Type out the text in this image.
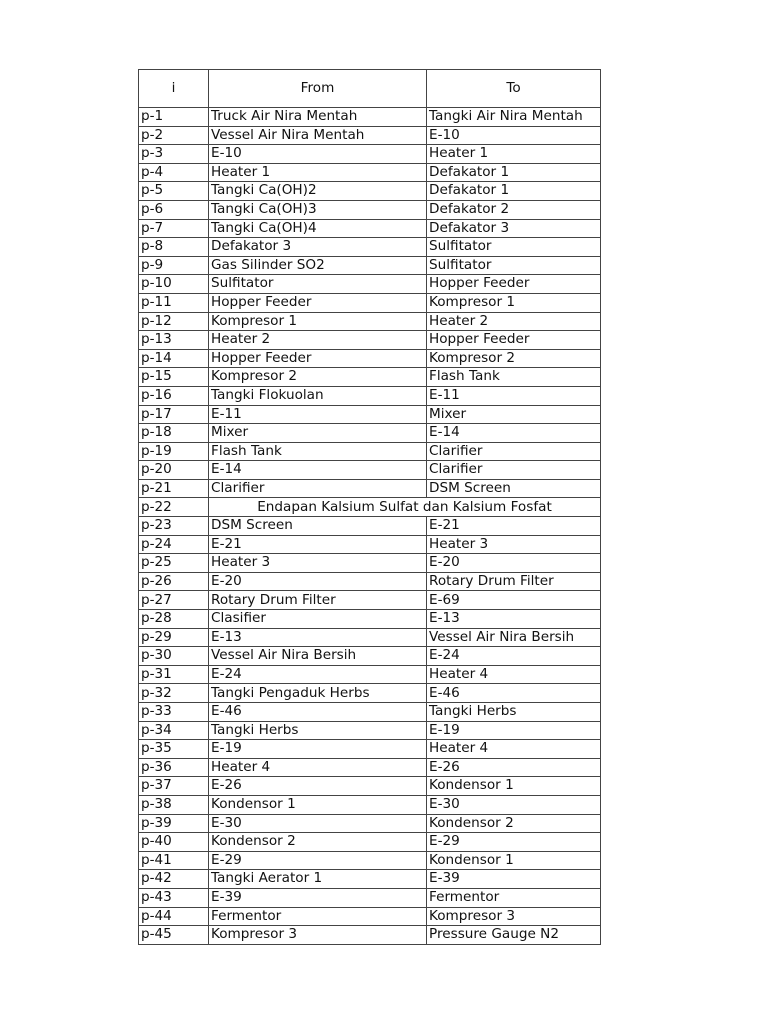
i	From	To
p-1	Truck Air Nira Mentah	Tangki Air Nira Mentah
p-2	Vessel Air Nira Mentah	E-10
p-3	E-10	Heater 1
p-4	Heater 1	Defakator 1
p-5	Tangki Ca(OH)2	Defakator 1
p-6	Tangki Ca(OH)3	Defakator 2
p-7	Tangki Ca(OH)4	Defakator 3
p-8	Defakator 3	Sulfitator
p-9	Gas Silinder SO2	Sulfitator
p-10	Sulfitator	Hopper Feeder
p-11	Hopper Feeder	Kompresor 1
p-12	Kompresor 1	Heater 2
p-13	Heater 2	Hopper Feeder
p-14	Hopper Feeder	Kompresor 2
p-15	Kompresor 2	Flash Tank
p-16	Tangki Flokuolan	E-11
p-17	E-11	Mixer
p-18	Mixer	E-14
p-19	Flash Tank	Clarifier
p-20	E-14	Clarifier
p-21	Clarifier	DSM Screen
p-22	Endapan Kalsium Sulfat dan Kalsium Fosfat	
p-23	DSM Screen	E-21
p-24	E-21	Heater 3
p-25	Heater 3	E-20
p-26	E-20	Rotary Drum Filter
p-27	Rotary Drum Filter	E-69
p-28	Clasifier	E-13
p-29	E-13	Vessel Air Nira Bersih
p-30	Vessel Air Nira Bersih	E-24
p-31	E-24	Heater 4
p-32	Tangki Pengaduk Herbs	E-46
p-33	E-46	Tangki Herbs
p-34	Tangki Herbs	E-19
p-35	E-19	Heater 4
p-36	Heater 4	E-26
p-37	E-26	Kondensor 1
p-38	Kondensor 1	E-30
p-39	E-30	Kondensor 2
p-40	Kondensor 2	E-29
p-41	E-29	Kondensor 1
p-42	Tangki Aerator 1	E-39
p-43	E-39	Fermentor
p-44	Fermentor	Kompresor 3
p-45	Kompresor 3	Pressure Gauge N2
